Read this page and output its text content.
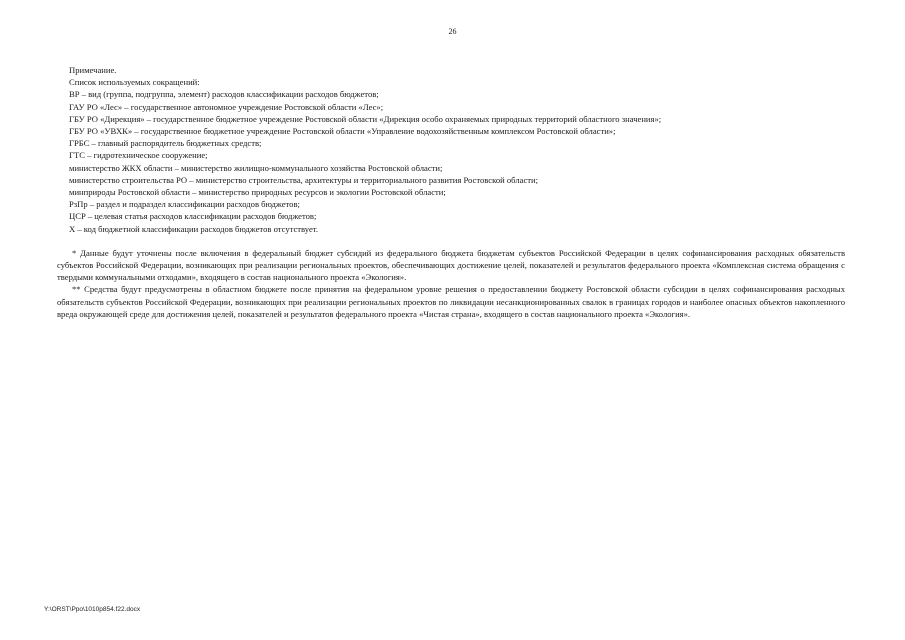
26
Примечание.
Список используемых сокращений:
ВР – вид (группа, подгруппа, элемент) расходов классификации расходов бюджетов;
ГАУ РО «Лес» – государственное автономное учреждение Ростовской области «Лес»;
ГБУ РО «Дирекция» – государственное бюджетное учреждение Ростовской области «Дирекция особо охраняемых природных территорий областного значения»;
ГБУ РО «УВХК» – государственное бюджетное учреждение Ростовской области «Управление водохозяйственным комплексом Ростовской области»;
ГРБС – главный распорядитель бюджетных средств;
ГТС – гидротехническое сооружение;
министерство ЖКХ области – министерство жилищно-коммунального хозяйства Ростовской области;
министерство строительства РО – министерство строительства, архитектуры и территориального развития Ростовской области;
минприроды Ростовской области – министерство природных ресурсов и экологии Ростовской области;
РзПр – раздел и подраздел классификации расходов бюджетов;
ЦСР – целевая статья расходов классификации расходов бюджетов;
Х – код бюджетной классификации расходов бюджетов отсутствует.

* Данные будут уточнены после включения в федеральный бюджет субсидий из федерального бюджета бюджетам субъектов Российской Федерации в целях софинансирования расходных обязательств субъектов Российской Федерации, возникающих при реализации региональных проектов, обеспечивающих достижение целей, показателей и результатов федерального проекта «Комплексная система обращения с твердыми коммунальными отходами», входящего в состав национального проекта «Экология».

** Средства будут предусмотрены в областном бюджете после принятия на федеральном уровне решения о предоставлении бюджету Ростовской области субсидии в целях софинансирования расходных обязательств субъектов Российской Федерации, возникающих при реализации региональных проектов по ликвидации несанкционированных свалок в границах городов и наиболее опасных объектов накопленного вреда окружающей среде для достижения целей, показателей и результатов федерального проекта «Чистая страна», входящего в состав национального проекта «Экология».

Y:\ORST\Ppo\1010p854.f22.docx
